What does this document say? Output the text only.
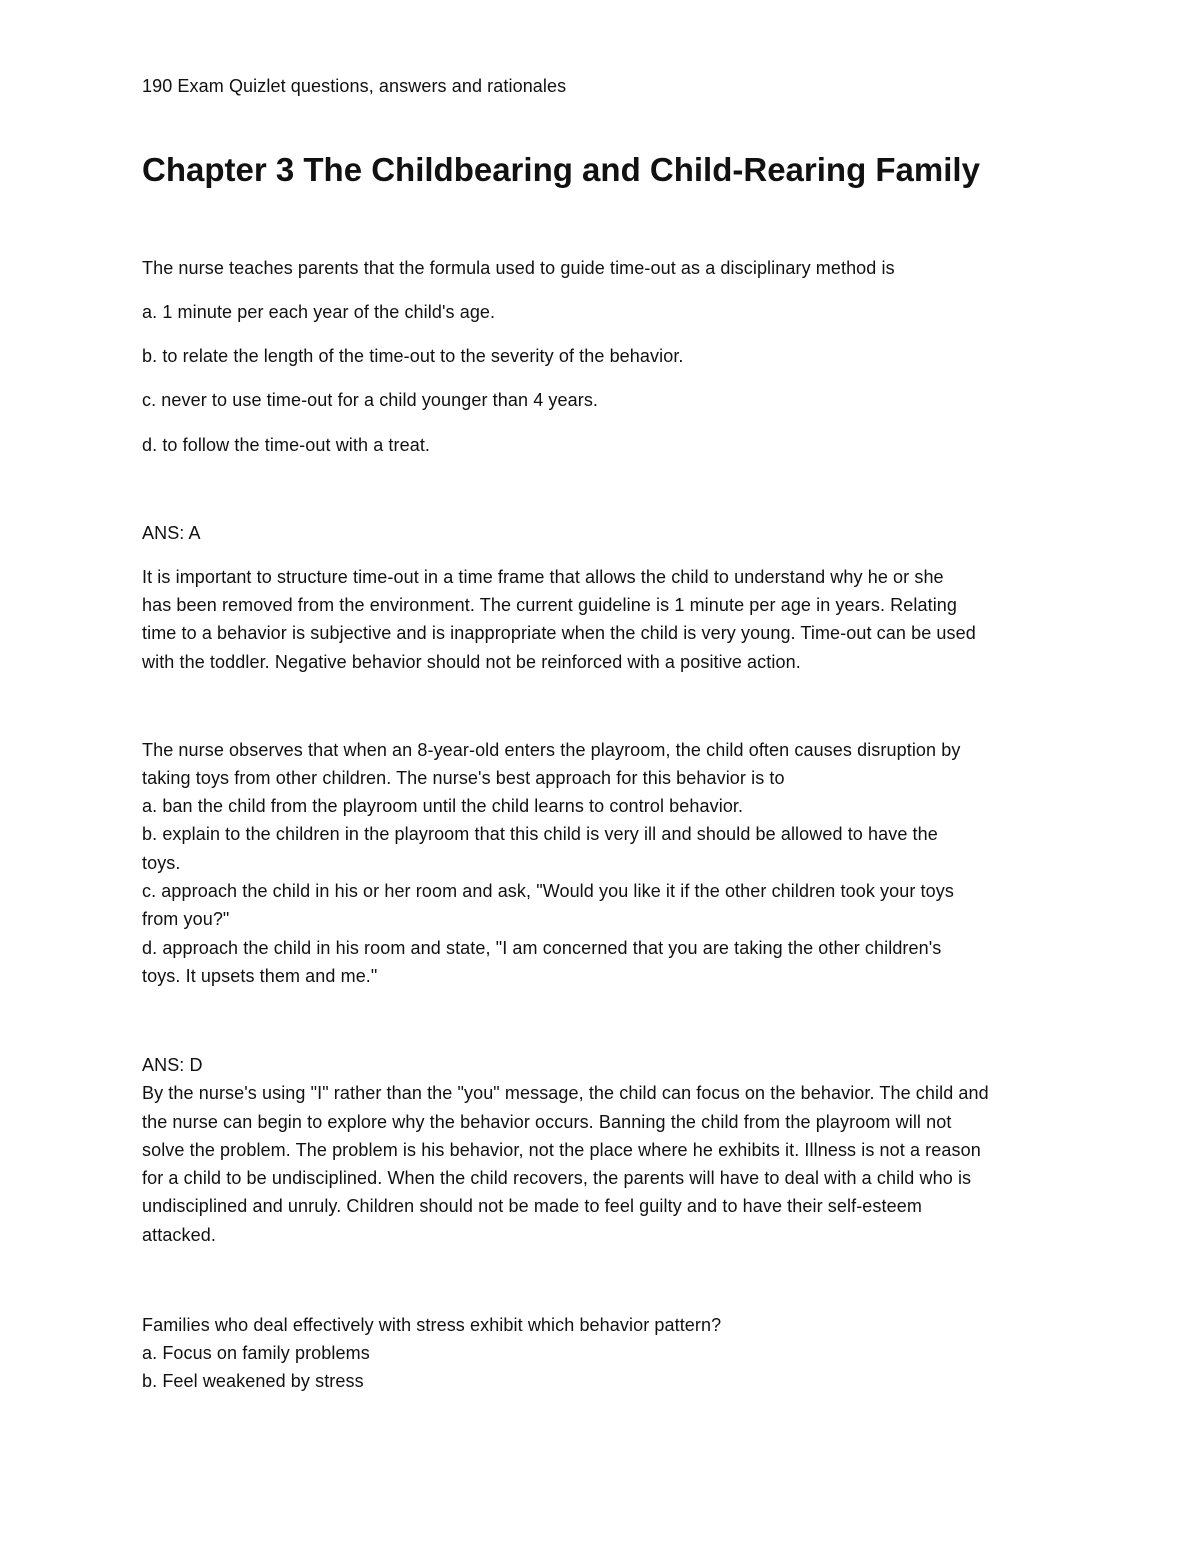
190 Exam Quizlet questions, answers and rationales
Chapter 3 The Childbearing and Child-Rearing Family
The nurse teaches parents that the formula used to guide time-out as a disciplinary method is
a. 1 minute per each year of the child's age.
b. to relate the length of the time-out to the severity of the behavior.
c. never to use time-out for a child younger than 4 years.
d. to follow the time-out with a treat.
ANS: A
It is important to structure time-out in a time frame that allows the child to understand why he or she
has been removed from the environment. The current guideline is 1 minute per age in years. Relating
time to a behavior is subjective and is inappropriate when the child is very young. Time-out can be used
with the toddler. Negative behavior should not be reinforced with a positive action.
The nurse observes that when an 8-year-old enters the playroom, the child often causes disruption by
taking toys from other children. The nurse's best approach for this behavior is to
a. ban the child from the playroom until the child learns to control behavior.
b. explain to the children in the playroom that this child is very ill and should be allowed to have the
toys.
c. approach the child in his or her room and ask, "Would you like it if the other children took your toys
from you?"
d. approach the child in his room and state, "I am concerned that you are taking the other children's
toys. It upsets them and me."
ANS: D
By the nurse's using "I" rather than the "you" message, the child can focus on the behavior. The child and
the nurse can begin to explore why the behavior occurs. Banning the child from the playroom will not
solve the problem. The problem is his behavior, not the place where he exhibits it. Illness is not a reason
for a child to be undisciplined. When the child recovers, the parents will have to deal with a child who is
undisciplined and unruly. Children should not be made to feel guilty and to have their self-esteem
attacked.
Families who deal effectively with stress exhibit which behavior pattern?
a. Focus on family problems
b. Feel weakened by stress
